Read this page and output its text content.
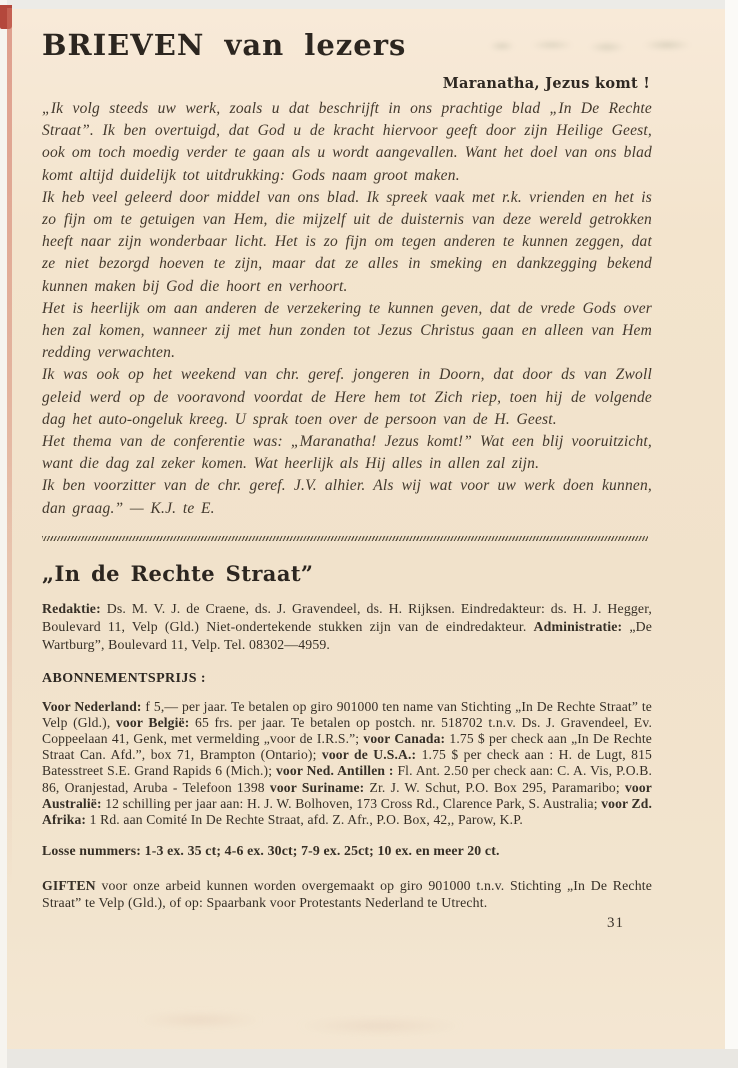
BRIEVEN van lezers
Maranatha, Jezus komt !

„Ik volg steeds uw werk, zoals u dat beschrijft in ons prachtige blad „In De Rechte Straat”. Ik ben overtuigd, dat God u de kracht hiervoor geeft door zijn Heilige Geest, ook om toch moedig verder te gaan als u wordt aangevallen. Want het doel van ons blad komt altijd duidelijk tot uitdrukking: Gods naam groot maken.

Ik heb veel geleerd door middel van ons blad. Ik spreek vaak met r.k. vrienden en het is zo fijn om te getuigen van Hem, die mijzelf uit de duisternis van deze wereld getrokken heeft naar zijn wonderbaar licht. Het is zo fijn om tegen anderen te kunnen zeggen, dat ze niet bezorgd hoeven te zijn, maar dat ze alles in smeking en dankzegging bekend kunnen maken bij God die hoort en verhoort.

Het is heerlijk om aan anderen de verzekering te kunnen geven, dat de vrede Gods over hen zal komen, wanneer zij met hun zonden tot Jezus Christus gaan en alleen van Hem redding verwachten.

Ik was ook op het weekend van chr. geref. jongeren in Doorn, dat door ds van Zwoll geleid werd op de vooravond voordat de Here hem tot Zich riep, toen hij de volgende dag het auto-ongeluk kreeg. U sprak toen over de persoon van de H. Geest.

Het thema van de conferentie was: „Maranatha! Jezus komt!” Wat een blij vooruitzicht, want die dag zal zeker komen. Wat heerlijk als Hij alles in allen zal zijn.

Ik ben voorzitter van de chr. geref. J.V. alhier. Als wij wat voor uw werk doen kunnen, dan graag.” — K.J. te E.

„In de Rechte Straat”

Redaktie: Ds. M. V. J. de Craene, ds. J. Gravendeel, ds. H. Rijksen. Eindredakteur: ds. H. J. Hegger, Boulevard 11, Velp (Gld.) Niet-ondertekende stukken zijn van de eindredakteur. Administratie: „De Wartburg”, Boulevard 11, Velp. Tel. 08302—4959.

ABONNEMENTSPRIJS :

Voor Nederland: f 5,— per jaar. Te betalen op giro 901000 ten name van Stichting „In De Rechte Straat” te Velp (Gld.), voor België: 65 frs. per jaar. Te betalen op postch. nr. 518702 t.n.v. Ds. J. Gravendeel, Ev. Coppeelaan 41, Genk, met vermelding „voor de I.R.S.”; voor Canada: 1.75 $ per check aan „In De Rechte Straat Can. Afd.”, box 71, Brampton (Ontario); voor de U.S.A.: 1.75 $ per check aan : H. de Lugt, 815 Batesstreet S.E. Grand Rapids 6 (Mich.); voor Ned. Antillen : Fl. Ant. 2.50 per check aan: C. A. Vis, P.O.B. 86, Oranjestad, Aruba - Telefoon 1398 voor Suriname: Zr. J. W. Schut, P.O. Box 295, Paramaribo; voor Australië: 12 schilling per jaar aan: H. J. W. Bolhoven, 173 Cross Rd., Clarence Park, S. Australia; voor Zd. Afrika: 1 Rd. aan Comité In De Rechte Straat, afd. Z. Afr., P.O. Box, 42,, Parow, K.P.

Losse nummers: 1-3 ex. 35 ct; 4-6 ex. 30ct; 7-9 ex. 25ct; 10 ex. en meer 20 ct.

GIFTEN voor onze arbeid kunnen worden overgemaakt op giro 901000 t.n.v. Stichting „In De Rechte Straat” te Velp (Gld.), of op: Spaarbank voor Protestants Nederland te Utrecht.

31
